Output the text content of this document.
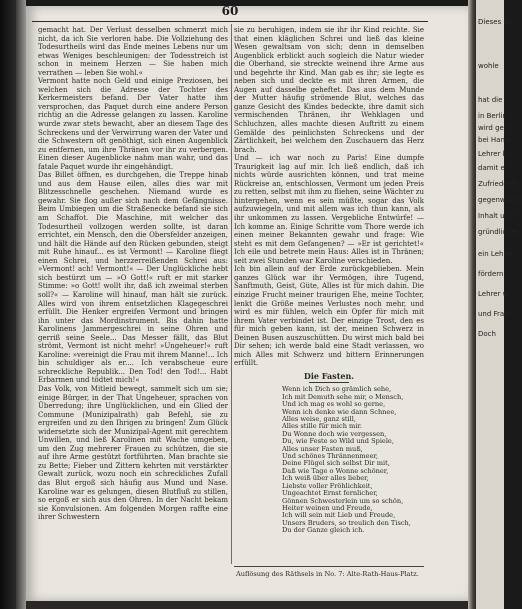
60

gemacht hat. Der Verlust desselben schmerzt mich nicht, da ich Sie verloren habe. Die Vollziehung des Todesurtheils wird das Ende meines Lebens nur um etwas Weniges beschleunigen: der Todesstreich ist schon in meinem Herzen — Sie haben mich verrathen — leben Sie wohl.«

Vermont hatte noch Geld und einige Preziosen, bei welchen sich die Adresse der Tochter des Kerkermeisters befand. Der Vater hatte ihm versprochen, das Paquet durch eine andere Person richtig an die Adresse gelangen zu lassen. Karoline wurde zwar stets bewacht, aber an diesem Tage des Schreckens und der Verwirrung waren der Vater und die Schwestern oft genöthigt, sich einen Augenblick zu entfernen, um ihre Thränen vor ihr zu verbergen. Einen dieser Augenblicke nahm man wahr, und das fatale Paquet wurde ihr eingehändigt.

Das Billet öffnen, es durchgehen, die Treppe hinab und aus dem Hause eilen, alles dies war mit Blitzesschnelle geschehen. Niemand wurde es gewahr. Sie flog außer sich nach dem Gefängnisse. Beim Umbiegen um die Straßenecke befand sie sich am Schaffot. Die Maschine, mit welcher das Todesurtheil vollzogen werden sollte, ist daran errichtet, ein Mensch, den die Obersfelder anzeigen, und hält die Hände auf den Rücken gebunden, steigt mit Ruhe hinauf... es ist Vermont! — Karoline fliegt einen Schrei, und herzzerreißenden Schrei aus: »Vermont! ach! Vermont!« — Der Unglückliche hebt sich bestürzt um — »O Gott!« ruft er mit starker Stimme: »o Gott! wollt ihr, daß ich zweimal sterben soll?« — Karoline will hinauf, man hält sie zurück. Alles wird von ihrem entsetzlichen Klagegeschrei erfüllt. Die Henker ergreifen Vermont und bringen ihn unter das Mordinstrument. Bis dahin hatte Karolinens Jammergeschrei in seine Ohren und gerriß seine Seele... Das Messer fällt, das Blut strömt, Vermont ist nicht mehr! »Ungeheuer!« ruft Karoline: »vereinigt die Frau mit ihrem Manne!... Ich bin schuldiger als er.... Ich verabscheue eure schreckliche Republik... Den Tod! den Tod!... Habt Erbarmen und tödtet mich!«

Das Volk, von Mitleid bewegt, sammelt sich um sie; einige Bürger, in der That Ungeheuer, sprachen von Überredung; ihre Unglücklichen, und ein Glied der Commune (Munizipalrath) gab Befehl, sie zu ergreifen und zu den Ihrigen zu bringen! Zum Glück widersetzte sich der Munizipal-Agent mit gerechtem Unwillen, und ließ Karolinen mit Wache umgeben, um den Zug mehrerer Frauen zu schützen, die sie auf ihre Arme gestützt fortführten. Man brachte sie zu Bette; Fieber und Zittern kehrten mit verstärkter Gewalt zurück, wozu noch ein schreckliches Zufall das Blut ergoß sich häufig aus Mund und Nase. Karoline war es gelungen, diesen Blutfluß zu stillen, so ergoß er sich aus den Ohren. In der Nacht bekam sie Konvulsionen. Am folgenden Morgen raffte eine ihrer Schwestern

sie zu beruhigen, indem sie ihr ihr Kind reichte. Sie that einen kläglichen Schrei und ließ das kleine Wesen gewaltsam von sich; denn in demselben Augenblick erblickt auch sogleich die Natur wieder die Oberhand, sie streckte weinend ihre Arme aus und begehrte ihr Kind. Man gab es ihr; sie legte es neben sich und deckte es mit ihren Armen, die Augen auf dasselbe geheftet. Das aus dem Munde der Mutter häufig strömende Blut, welches das ganze Gesicht des Kindes bedeckte, ihre damit sich vermischenden Thränen, ihr Wehklagen und Schluchzen, alles machte diesen Auftritt zu einem Gemälde des peinlichsten Schreckens und der Zärtlichkeit, bei welchem den Zuschauern das Herz brach.

Und — ich war noch zu Paris! Eine dumpfe Traurigkeit lag auf mir. Ich ließ endlich, daß ich nichts würde ausrichten können, und trat meine Rückreise an, entschlossen, Vermont um jeden Preis zu retten, selbst mit ihm zu fliehen, seine Wächter zu hintergehen, wenn es sein müßte, sogar das Volk aufzuwiegeln, und mit allem was ich thun kann, als ihr unkommen zu lassen. Vergebliche Entwürfe! — Ich komme an. Einige Schritte vom Thore werde ich einen meiner Bekannten gewahr und frage: Wie steht es mit dem Gefangenen? — »Er ist gerichtet!« Ich eile und betrete mein Haus: Alles ist in Thränen; seit zwei Stunden war Karoline verschieden.

Ich bin allein auf der Erde zurückgeblieben. Mein ganzes Glück war ihr Vermögen, ihre Tugend, Sanftmuth, Geist, Güte, Alles ist für mich dahin. Die einzige Frucht meiner traurigen Ehe, meine Tochter, lenkt die Größe meines Verlustes noch mehr, und wird es mir fühlen, welch ein Opfer für mich mit ihrem Vater verbindet ist. Der einzige Trost, den es für mich geben kann, ist der, meinen Schwerz in Deinen Busen auszuschütten. Du wirst mich bald bei Dir sehen; ich werde bald eine Stadt verlassen, wo mich Alles mit Schwerz und bittern Erinnerungen erfüllt.

Die Fasten.
Wenn ich Dich so grämlich sehe,
Ich mit Demuth sehe mir, o Mensch,
Und ich mag es wohl so gerne,
Wenn ich denke wie dann Schnee,
Alles weise, ganz still,
Alles stille für mich mir.
Du Wonne doch wie vergessen,
Du, wie Feste so Wild und Spiele,
Alles unser Fasten muß,
Und schönes Thrännenmeer,
Deine Flügel sich selbst Dir mit,
Daß wie Tage o Wonne schöner,
Ich weiß über alles lieber,
Liebste voller Fröhlichkeit,
Ungeachtet Ernst fernlicher,
Gönnen Schwesterlein um so schön,
Heiter weinen und Freude,
Ich will sein mit Lieb und Freude,
Unsers Bruders, so treulich den Tisch,
Du der Ganze gleich ich.
Auflösung des Räthsels in No. 7: Alte-Rath-Haus-Platz.
Dieses No
wohle
hat die
in Berlin
wird gen
bei Hand
Lehrer be
damit er
Zufriedenh
gegenwärtig
Inhalt und
gründliches
ein Lehrer
fördern
Lehrer wi
und Frau
Doch
